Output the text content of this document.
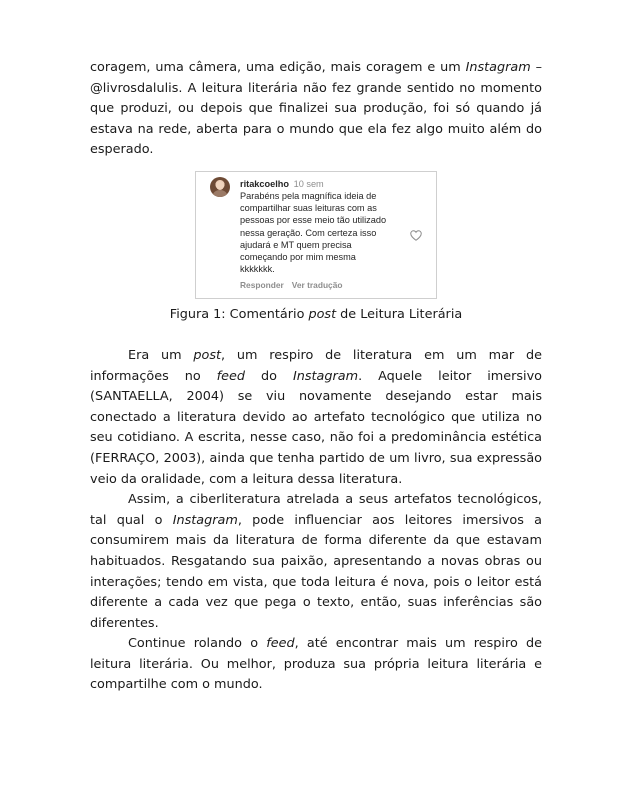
coragem, uma câmera, uma edição, mais coragem e um Instagram – @livrosdalulis. A leitura literária não fez grande sentido no momento que produzi, ou depois que finalizei sua produção, foi só quando já estava na rede, aberta para o mundo que ela fez algo muito além do esperado.

ritakcoelho 10 sem
Parabéns pela magnífica ideia de
compartilhar suas leituras com as
pessoas por esse meio tão utilizado
nessa geração. Com certeza isso
ajudará e MT quem precisa
começando por mim mesma
kkkkkkk.
Responder Ver tradução
Figura 1: Comentário post de Leitura Literária

Era um post, um respiro de literatura em um mar de informações no feed do Instagram. Aquele leitor imersivo (SANTAELLA, 2004) se viu novamente desejando estar mais conectado a literatura devido ao artefato tecnológico que utiliza no seu cotidiano. A escrita, nesse caso, não foi a predominância estética (FERRAÇO, 2003), ainda que tenha partido de um livro, sua expressão veio da oralidade, com a leitura dessa literatura.

Assim, a ciberliteratura atrelada a seus artefatos tecnológicos, tal qual o Instagram, pode influenciar aos leitores imersivos a consumirem mais da literatura de forma diferente da que estavam habituados. Resgatando sua paixão, apresentando a novas obras ou interações; tendo em vista, que toda leitura é nova, pois o leitor está diferente a cada vez que pega o texto, então, suas inferências são diferentes.

Continue rolando o feed, até encontrar mais um respiro de leitura literária. Ou melhor, produza sua própria leitura literária e compartilhe com o mundo.
